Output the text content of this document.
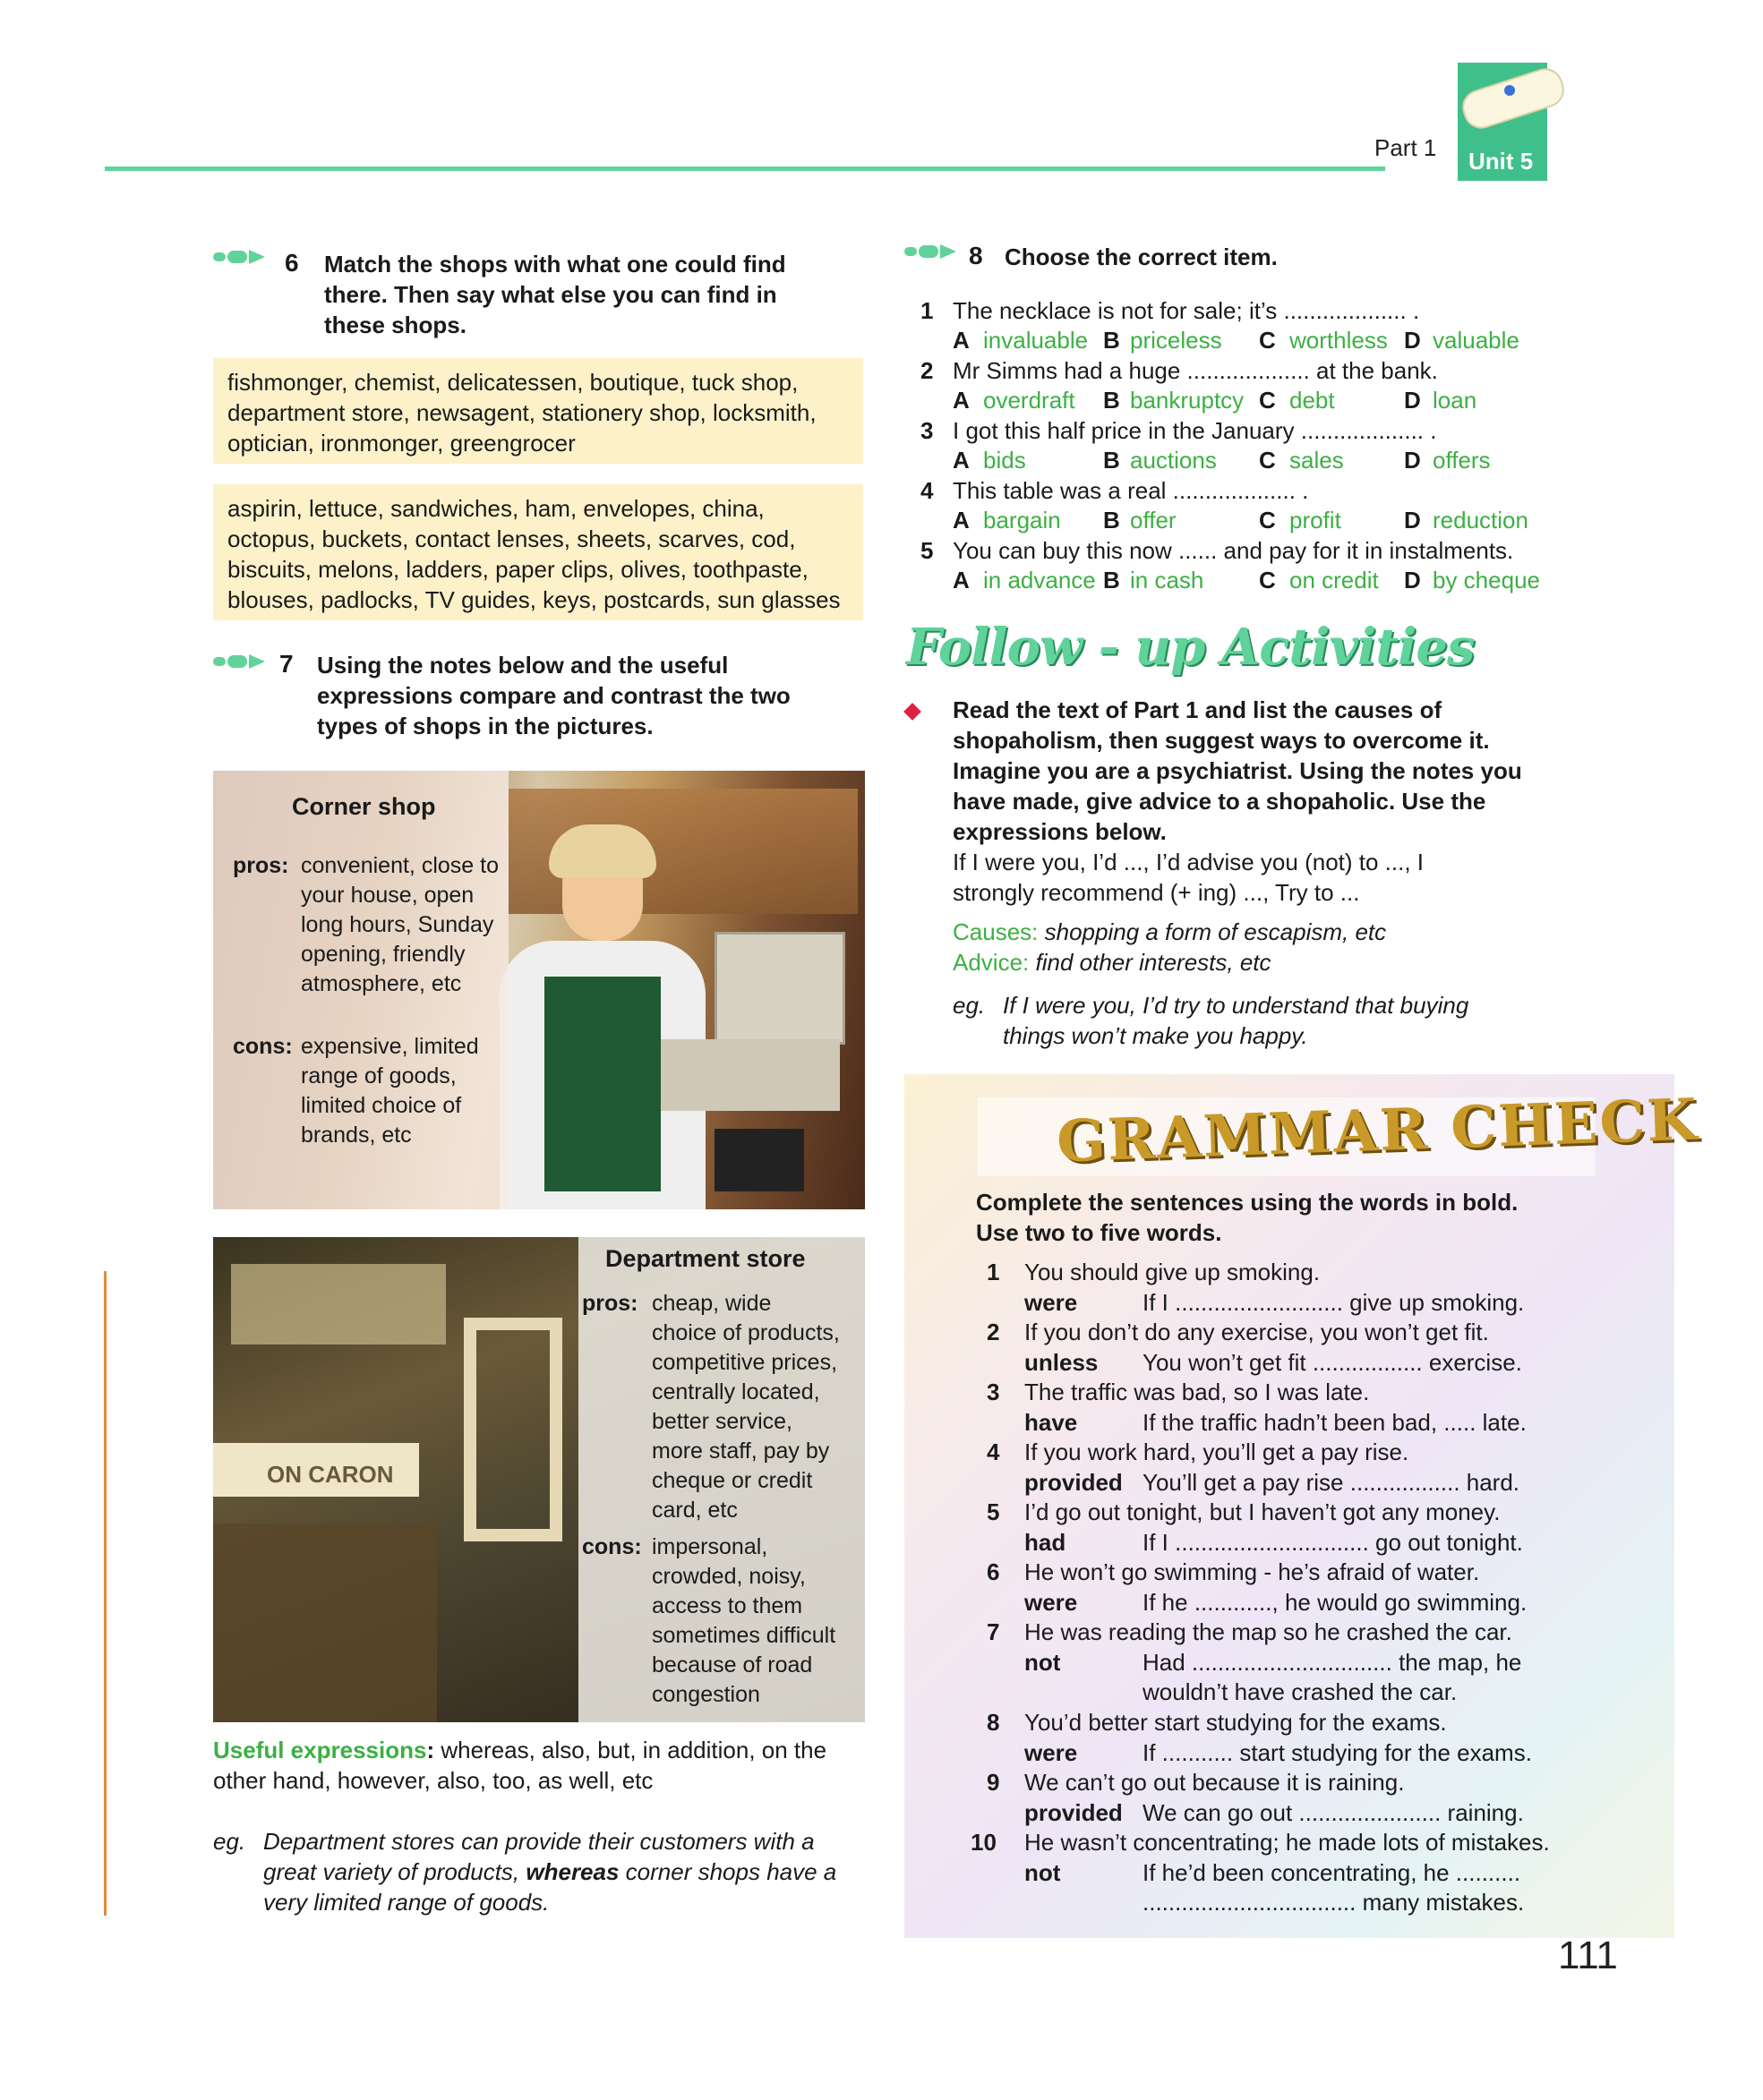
Part 1 Unit 5
6 Match the shops with what one could find
there. Then say what else you can find in
these shops.
fishmonger, chemist, delicatessen, boutique, tuck shop,
department store, newsagent, stationery shop, locksmith,
optician, ironmonger, greengrocer
aspirin, lettuce, sandwiches, ham, envelopes, china,
octopus, buckets, contact lenses, sheets, scarves, cod,
biscuits, melons, ladders, paper clips, olives, toothpaste,
blouses, padlocks, TV guides, keys, postcards, sun glasses
7 Using the notes below and the useful
expressions compare and contrast the two
types of shops in the pictures.
Corner shop
pros: convenient, close to
your house, open
long hours, Sunday
opening, friendly
atmosphere, etc
cons: expensive, limited
range of goods,
limited choice of
brands, etc
ON CARON
Department store
pros: cheap, wide
choice of products,
competitive prices,
centrally located,
better service,
more staff, pay by
cheque or credit
card, etc
cons: impersonal,
crowded, noisy,
access to them
sometimes difficult
because of road
congestion
Useful expressions: whereas, also, but, in addition, on the
other hand, however, also, too, as well, etc
eg. Department stores can provide their customers with a
great variety of products, whereas corner shops have a
very limited range of goods.
8 Choose the correct item.
1 The necklace is not for sale; it’s ................... .
A invaluable B priceless C worthless D valuable
2 Mr Simms had a huge ................... at the bank.
A overdraft B bankruptcy C debt	D loan
3 I got this half price in the January ................... .
A bids	B auctions C sales	D offers
4 This table was a real ................... .
A bargain B offer	C profit	D reduction
5 You can buy this now ...... and pay for it in instalments.
A in advance B in cash C on credit D by cheque
Follow - up Activities
Read the text of Part 1 and list the causes of
shopaholism, then suggest ways to overcome it.
Imagine you are a psychiatrist. Using the notes you
have made, give advice to a shopaholic. Use the
expressions below.
If I were you, I’d ..., I’d advise you (not) to ..., I
strongly recommend (+ ing) ..., Try to ...
Causes: shopping a form of escapism, etc
Advice: find other interests, etc
eg. If I were you, I’d try to understand that buying
things won’t make you happy.
GRAMMAR CHECK
Complete the sentences using the words in bold.
Use two to five words.
1 You should give up smoking.
were	If I .......................... give up smoking.
2 If you don’t do any exercise, you won’t get fit.
unless You won’t get fit ................. exercise.
3 The traffic was bad, so I was late.
have	If the traffic hadn’t been bad, ..... late.
4 If you work hard, you’ll get a pay rise.
provided You’ll get a pay rise ................. hard.
5 I’d go out tonight, but I haven’t got any money.
had	If I .............................. go out tonight.
6 He won’t go swimming - he’s afraid of water.
were	If he ............, he would go swimming.
7 He was reading the map so he crashed the car.
not	Had ............................... the map, he
wouldn’t have crashed the car.
8 You’d better start studying for the exams.
were	If ........... start studying for the exams.
9 We can’t go out because it is raining.
provided We can go out ...................... raining.
10 He wasn’t concentrating; he made lots of mistakes.
not	If he’d been concentrating, he ..........
................................. many mistakes.
111
